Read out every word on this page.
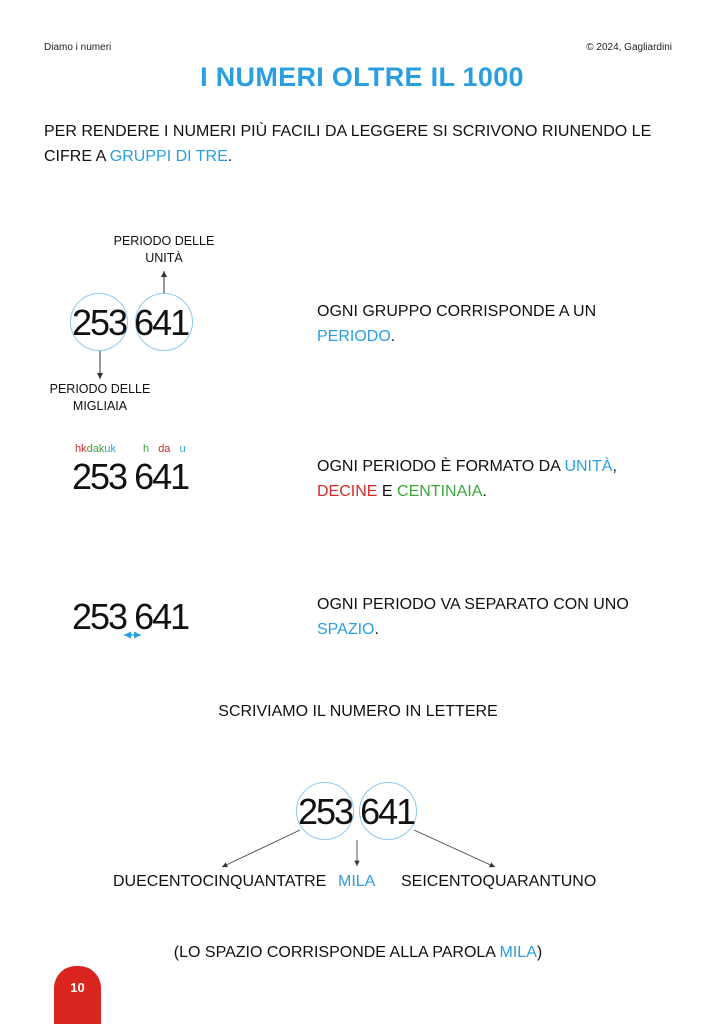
Diamo i numeri	© 2024, Gagliardini
I NUMERI OLTRE IL 1000
PER RENDERE I NUMERI PIÙ FACILI DA LEGGERE SI SCRIVONO RIUNENDO LE
CIFRE A GRUPPI DI TRE.
PERIODO DELLE UNITÀ
253 641
PERIODO DELLE MIGLIAIA
OGNI GRUPPO CORRISPONDE A UN
PERIODO.
hkdakuk h da u
253 641	OGNI PERIODO È FORMATO DA UNITÀ,
DECINE E CENTINAIA.
253 641	OGNI PERIODO VA SEPARATO CON UNO
SPAZIO.
SCRIVIAMO IL NUMERO IN LETTERE
253 641
DUECENTOCINQUANTATRE MILA SEICENTOQUARANTUNO
(LO SPAZIO CORRISPONDE ALLA PAROLA MILA)
10
